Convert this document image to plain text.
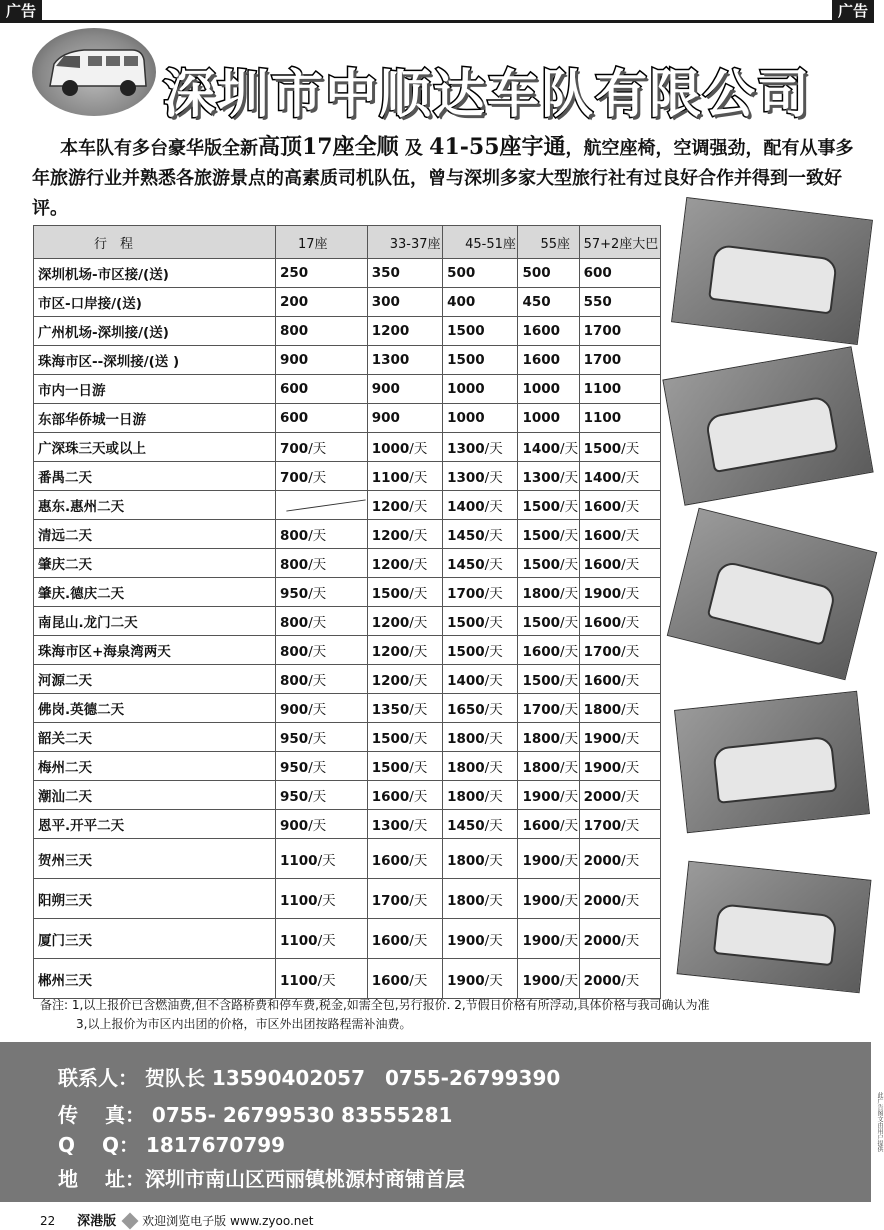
广告	广告
深圳市中顺达车队有限公司
本车队有多台豪华版全新高顶17座全顺 及 41-55座宇通，航空座椅，空调强劲，配有从事多年旅游行业并熟悉各旅游景点的高素质司机队伍，曾与深圳多家大型旅行社有过良好合作并得到一致好评。
行　程	17座	33-37座	45-51座	55座	57+2座大巴
深圳机场-市区接/(送)	250	350	500	500	600
市区-口岸接/(送)	200	300	400	450	550
广州机场-深圳接/(送)	800	1200	1500	1600	1700
珠海市区--深圳接/(送 )	900	1300	1500	1600	1700
市内一日游	600	900	1000	1000	1100
东部华侨城一日游	600	900	1000	1000	1100
广深珠三天或以上	700/天	1000/天	1300/天	1400/天	1500/天
番禺二天	700/天	1100/天	1300/天	1300/天	1400/天
惠东.惠州二天		1200/天	1400/天	1500/天	1600/天
清远二天	800/天	1200/天	1450/天	1500/天	1600/天
肇庆二天	800/天	1200/天	1450/天	1500/天	1600/天
肇庆.德庆二天	950/天	1500/天	1700/天	1800/天	1900/天
南昆山.龙门二天	800/天	1200/天	1500/天	1500/天	1600/天
珠海市区+海泉湾两天	800/天	1200/天	1500/天	1600/天	1700/天
河源二天	800/天	1200/天	1400/天	1500/天	1600/天
佛岗.英德二天	900/天	1350/天	1650/天	1700/天	1800/天
韶关二天	950/天	1500/天	1800/天	1800/天	1900/天
梅州二天	950/天	1500/天	1800/天	1800/天	1900/天
潮汕二天	950/天	1600/天	1800/天	1900/天	2000/天
恩平.开平二天	900/天	1300/天	1450/天	1600/天	1700/天
贺州三天	1100/天	1600/天	1800/天	1900/天	2000/天
阳朔三天	1100/天	1700/天	1800/天	1900/天	2000/天
厦门三天	1100/天	1600/天	1900/天	1900/天	2000/天
郴州三天	1100/天	1600/天	1900/天	1900/天	2000/天
备注: 1,以上报价已含燃油费,但不含路桥费和停车费,税金,如需全包,另行报价. 2,节假日价格有所浮动,具体价格与我司确认为准
3,以上报价为市区内出团的价格，市区外出团按路程需补油费。
联系人： 贺队长 13590402057　0755-26799390
传　 真： 0755- 26799530 83555281
Q　 Q： 1817670799
地　 址：深圳市南山区西丽镇桃源村商铺首层
此广告图文由用户提供
22 深港版 欢迎浏览电子版 www.zyoo.net
